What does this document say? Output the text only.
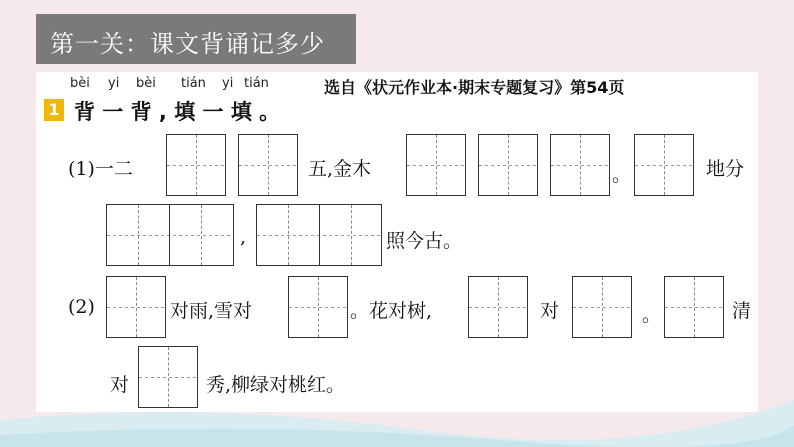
第一关：课文背诵记多少
bèi yi bèi tián yi tián	选自《状元作业本·期末专题复习》第54页
1 背 一 背 , 填 一 填 。
(1)一二	五,金木	。	地分
,	照今古。
(2)	对雨,雪对	。花对树,	对	。	清
对	秀,柳绿对桃红。
